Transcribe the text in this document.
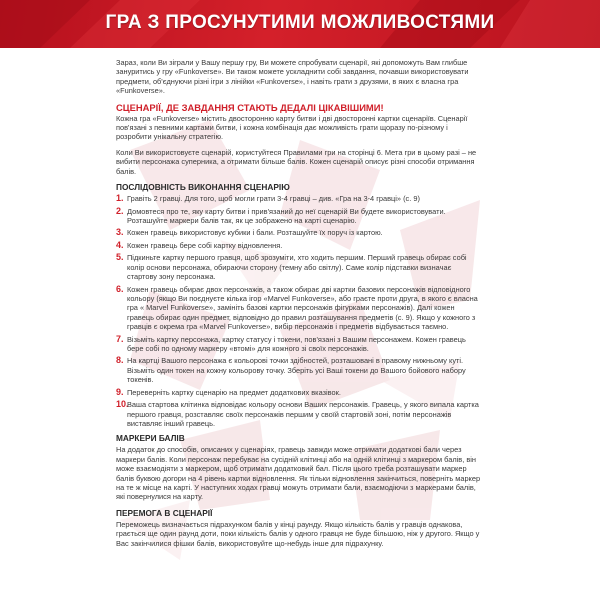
ГРА З ПРОСУНУТИМИ МОЖЛИВОСТЯМИ

Зараз, коли Ви зіграли у Вашу першу гру, Ви можете спробувати сценарії, які допоможуть Вам глибше зануритись у гру «Funkoverse». Ви також можете ускладнити собі завдання, почавши використовувати предмети, об'єднуючи різні ігри з лінійки «Funkoverse», і навіть грати з друзями, в яких є власна гра «Funkoverse».

СЦЕНАРІЇ, ДЕ ЗАВДАННЯ СТАЮТЬ ДЕДАЛІ ЦІКАВІШИМИ!

Кожна гра «Funkoverse» містить двосторонню карту битви і дві двосторонні картки сценаріїв. Сценарії пов'язані з певними картами битви, і кожна комбінація дає можливість грати щоразу по-різному і розробити унікальну стратегію.

Коли Ви використовуєте сценарій, користуйтеся Правилами гри на сторінці 6. Мета гри в цьому разі – не вибити персонажа суперника, а отримати більше балів. Кожен сценарій описує різні способи отримання балів.

ПОСЛІДОВНІСТЬ ВИКОНАННЯ СЦЕНАРІЮ
1. Гравіть 2 гравці. Для того, щоб могли грати 3-4 гравці – див. «Гра на 3-4 гравці» (с. 9)
2. Домовтеся про те, яку карту битви і прив'язаний до неї сценарій Ви будете використовувати. Розташуйте маркери балів так, як це зображено на карті сценарію.
3. Кожен гравець використовує кубики і бали. Розташуйте їх поруч із картою.
4. Кожен гравець бере собі картку відновлення.
5. Підкиньте картку першого гравця, щоб зрозуміти, хто ходить першим. Перший гравець обирає собі колір основи персонажа, обираючи сторону (темну або світлу). Саме колір підставки визначає стартову зону персонажа.
6. Кожен гравець обирає двох персонажів, а також обирає дві картки базових персонажів відповідного кольору (якщо Ви поєднуєте кілька ігор «Marvel Funkoverse», або граєте проти друга, в якого є власна гра « Marvel Funkoverse», замініть базові картки персонажів фігурками персонажів). Далі кожен гравець обирає один предмет, відповідно до правил розташування предметів (с. 9). Якщо у кожного з гравців є окрема гра «Marvel Funkoverse», вибір персонажів і предметів відбувається таємно.
7. Візьміть картку персонажа, картку статусу і токени, пов'язані з Вашим персонажем. Кожен гравець бере собі по одному маркеру «втомі» для кожного зі своїх персонажів.
8. На картці Вашого персонажа є кольорові точки здібностей, розташовані в правому нижньому куті. Візьміть один токен на кожну кольорову точку. Зберіть усі Ваші токени до Вашого бойового набору токенів.
9. Переверніть картку сценарію на предмет додаткових вказівок.
10.
Ваша стартова клітинка відповідає кольору основи Ваших персонажів. Гравець, у якого випала картка першого гравця, розставляє своїх персонажів першим у своїй стартовій зоні, потім персонажів виставляє інший гравець.
МАРКЕРИ БАЛІВ

На додаток до способів, описаних у сценаріях, гравець завжди може отримати додаткові бали через маркери балів. Коли персонаж перебуває на сусідній клітинці або на одній клітинці з маркером балів, він може взаємодіяти з маркером, щоб отримати додатковий бал. Після цього треба розташувати маркер балів буквою догори на 4 рівень картки відновлення. Як тільки відновлення закінчиться, поверніть маркер на те ж місце на карті. У наступних ходах гравці можуть отримати бали, взаємодіючи з маркерами балів, які повернулися на карту.

ПЕРЕМОГА В СЦЕНАРІЇ

Переможець визначається підрахунком балів у кінці раунду. Якщо кількість балів у гравців однакова, грається ще один раунд доти, поки кількість балів у одного гравця не буде більшою, ніж у другого. Якщо у Вас закінчилися фішки балів, використовуйте що-небудь інше для підрахунку.
